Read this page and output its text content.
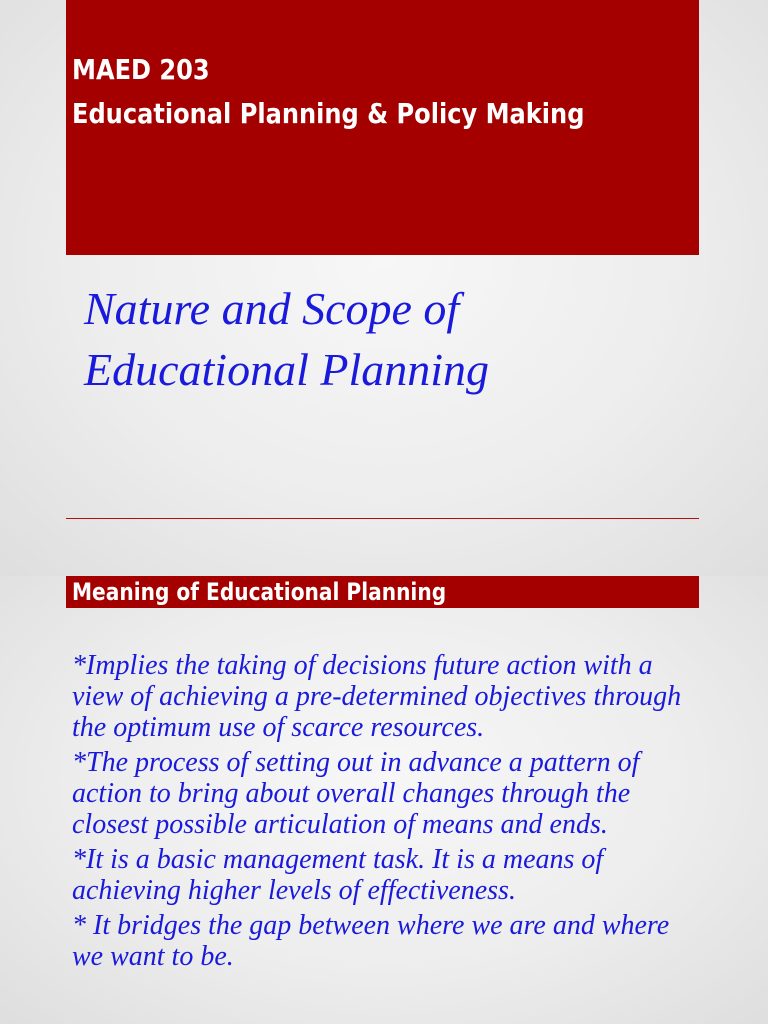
MAED 203

Educational Planning & Policy Making

Nature and Scope of
Educational Planning

Meaning of Educational Planning

*Implies the taking of decisions future action with a view of achieving a pre-determined objectives through the optimum use of scarce resources.
*The process of setting out in advance a pattern of action to bring about overall changes through the closest possible articulation of means and ends.
*It is a basic management task. It is a means of achieving higher levels of effectiveness.
* It bridges the gap between where we are and where we want to be.
